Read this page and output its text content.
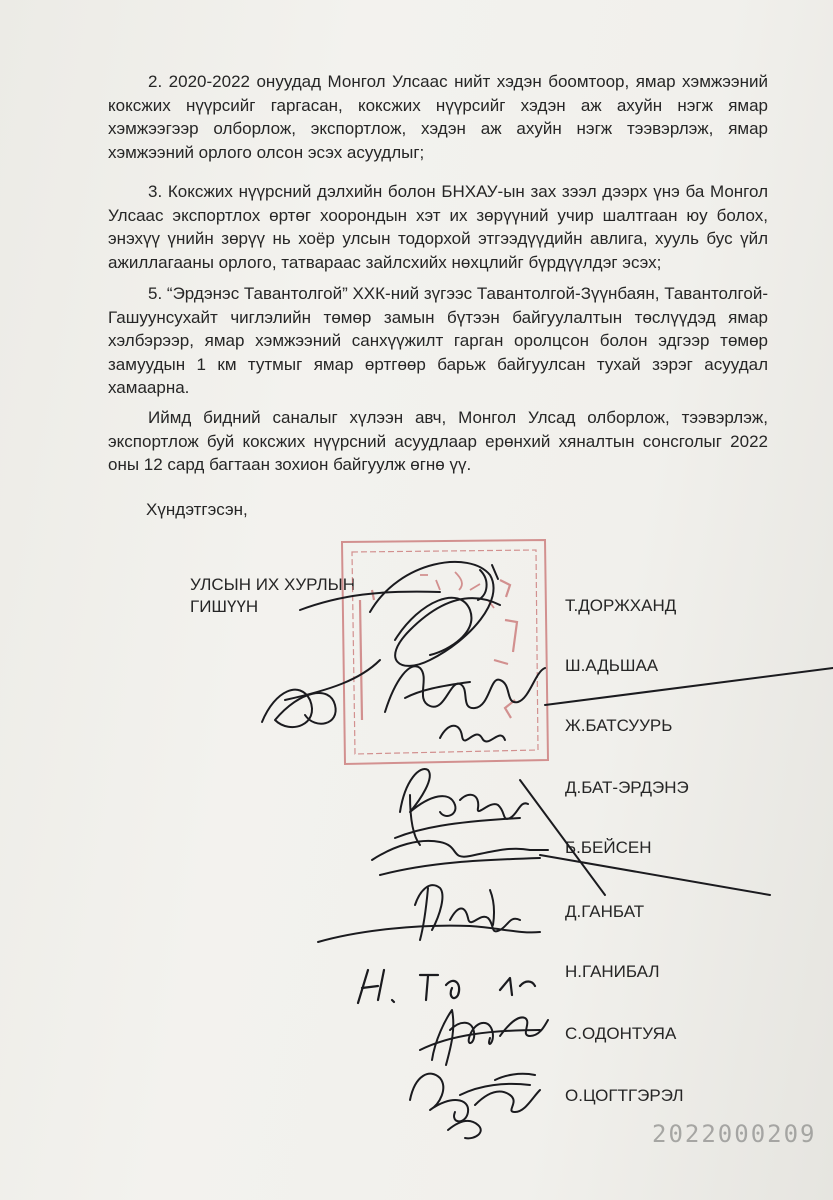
2. 2020-2022 онуудад Монгол Улсаас нийт хэдэн боомтоор, ямар хэмжээний коксжих нүүрсийг гаргасан, коксжих нүүрсийг хэдэн аж ахуйн нэгж ямар хэмжээгээр олборлож, экспортлож, хэдэн аж ахуйн нэгж тээвэрлэж, ямар хэмжээний орлого олсон эсэх асуудлыг;

3. Коксжих нүүрсний дэлхийн болон БНХАУ-ын зах зээл дээрх үнэ ба Монгол Улсаас экспортлох өртөг хоорондын хэт их зөрүүний учир шалтгаан юу болох, энэхүү үнийн зөрүү нь хоёр улсын тодорхой этгээдүүдийн авлига, хууль бус үйл ажиллагааны орлого, татвараас зайлсхийх нөхцлийг бүрдүүлдэг эсэх;

5. “Эрдэнэс Тавантолгой” ХХК-ний зүгээс Тавантолгой-Зүүнбаян, Тавантолгой-Гашуунсухайт чиглэлийн төмөр замын бүтээн байгуулалтын төслүүдэд ямар хэлбэрээр, ямар хэмжээний санхүүжилт гарган оролцсон болон эдгээр төмөр замуудын 1 км тутмыг ямар өртгөөр барьж байгуулсан тухай зэрэг асуудал хамаарна.

Иймд бидний саналыг хүлээн авч, Монгол Улсад олборлож, тээвэрлэж, экспортлож буй коксжих нүүрсний асуудлаар ерөнхий хяналтын сонсголыг 2022 оны 12 сард багтаан зохион байгуулж өгнө үү.

Хүндэтгэсэн,
УЛСЫН ИХ ХУРЛЫН
ГИШҮҮН	Т.ДОРЖХАНД
Ш.АДЬШАА
Ж.БАТСУУРЬ
Д.БАТ-ЭРДЭНЭ
Б.БЕЙСЕН
Д.ГАНБАТ
Н.ГАНИБАЛ
С.ОДОНТУЯА
О.ЦОГТГЭРЭЛ
2022000209
